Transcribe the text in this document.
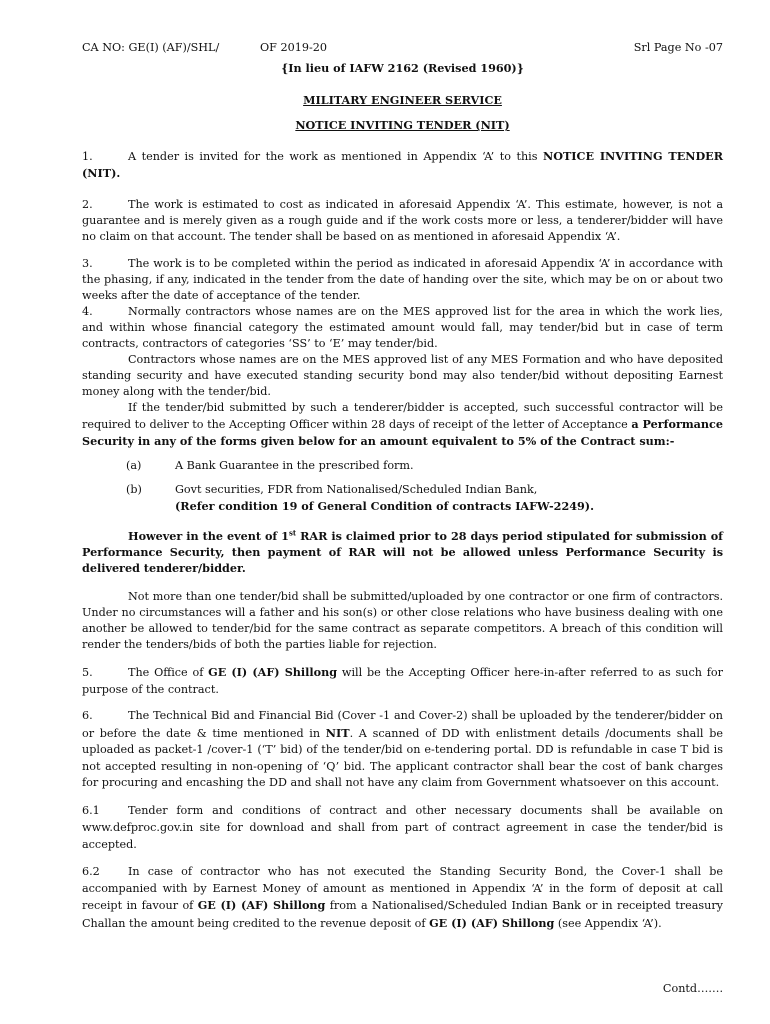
CA NO: GE(I) (AF)/SHL/	OF 2019-20	Srl Page No -07
{In lieu of IAFW 2162 (Revised 1960)}
MILITARY ENGINEER SERVICE
NOTICE INVITING TENDER (NIT)

1.	A tender is invited for the work as mentioned in Appendix ‘A’ to this NOTICE INVITING TENDER (NIT).

2.	The work is estimated to cost as indicated in aforesaid Appendix ‘A’. This estimate, however, is not a guarantee and is merely given as a rough guide and if the work costs more or less, a tenderer/bidder will have no claim on that account. The tender shall be based on as mentioned in aforesaid Appendix ‘A’.

3.	The work is to be completed within the period as indicated in aforesaid Appendix ‘A’ in accordance with the phasing, if any, indicated in the tender from the date of handing over the site, which may be on or about two weeks after the date of acceptance of the tender.

4.	Normally contractors whose names are on the MES approved list for the area in which the work lies, and within whose financial category the estimated amount would fall, may tender/bid but in case of term contracts, contractors of categories ‘SS’ to ‘E’ may tender/bid.

Contractors whose names are on the MES approved list of any MES Formation and who have deposited standing security and have executed standing security bond may also tender/bid without depositing Earnest money along with the tender/bid.

If the tender/bid submitted by such a tenderer/bidder is accepted, such successful contractor will be required to deliver to the Accepting Officer within 28 days of receipt of the letter of Acceptance a Performance Security in any of the forms given below for an amount equivalent to 5% of the Contract sum:-

(a)	A Bank Guarantee in the prescribed form.
(b)	Govt securities, FDR from Nationalised/Scheduled Indian Bank,
(Refer condition 19 of General Condition of contracts IAFW-2249).

However in the event of 1st RAR is claimed prior to 28 days period stipulated for submission of Performance Security, then payment of RAR will not be allowed unless Performance Security is delivered tenderer/bidder.

Not more than one tender/bid shall be submitted/uploaded by one contractor or one firm of contractors. Under no circumstances will a father and his son(s) or other close relations who have business dealing with one another be allowed to tender/bid for the same contract as separate competitors. A breach of this condition will render the tenders/bids of both the parties liable for rejection.

5.	The Office of GE (I) (AF) Shillong will be the Accepting Officer here-in-after referred to as such for purpose of the contract.

6.	The Technical Bid and Financial Bid (Cover -1 and Cover-2) shall be uploaded by the tenderer/bidder on or before the date & time mentioned in NIT. A scanned of DD with enlistment details /documents shall be uploaded as packet-1 /cover-1 (‘T’ bid) of the tender/bid on e-tendering portal. DD is refundable in case T bid is not accepted resulting in non-opening of ‘Q’ bid. The applicant contractor shall bear the cost of bank charges for procuring and encashing the DD and shall not have any claim from Government whatsoever on this account.

6.1	Tender form and conditions of contract and other necessary documents shall be available on www.defproc.gov.in site for download and shall from part of contract agreement in case the tender/bid is accepted.

6.2	In case of contractor who has not executed the Standing Security Bond, the Cover-1 shall be accompanied with by Earnest Money of amount as mentioned in Appendix ‘A’ in the form of deposit at call receipt in favour of GE (I) (AF) Shillong from a Nationalised/Scheduled Indian Bank or in receipted treasury Challan the amount being credited to the revenue deposit of GE (I) (AF) Shillong (see Appendix ‘A’).

Contd…….
